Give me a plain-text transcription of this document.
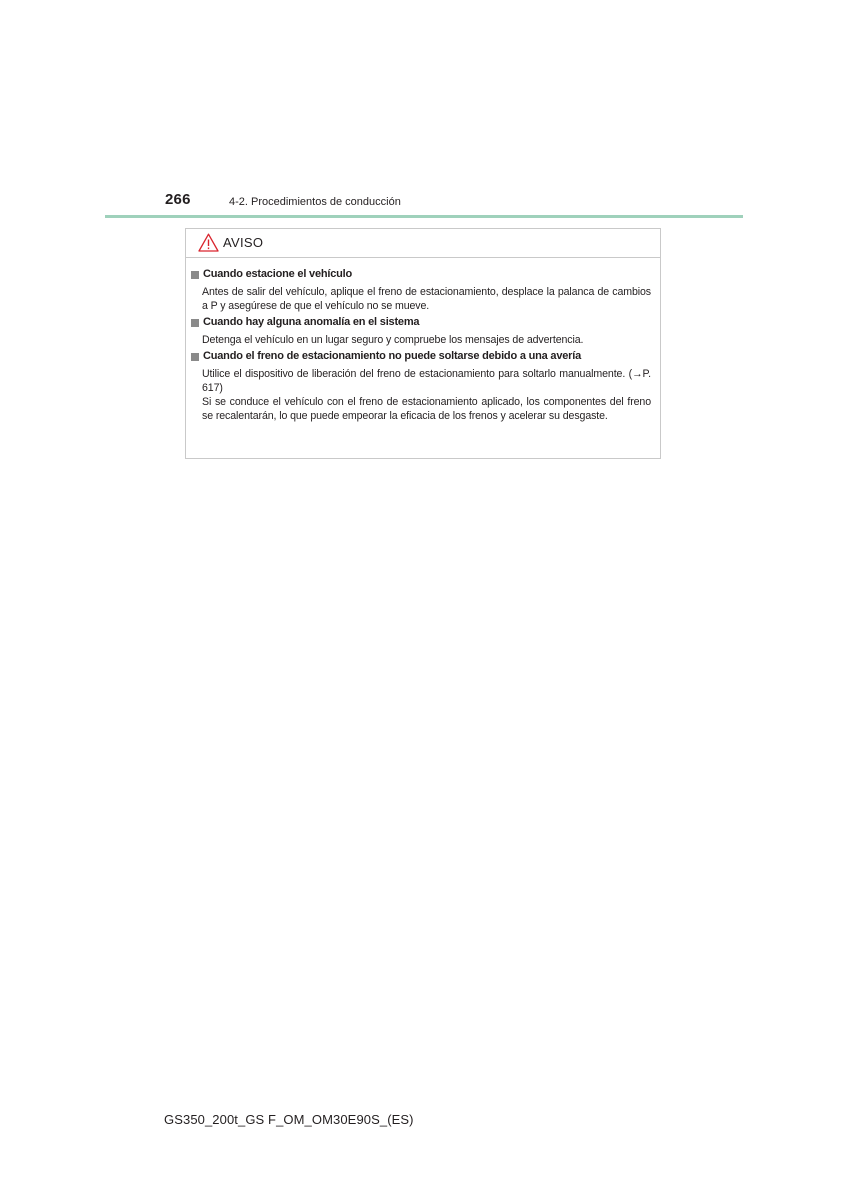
266	4-2. Procedimientos de conducción
AVISO
Cuando estacione el vehículo

Antes de salir del vehículo, aplique el freno de estacionamiento, desplace la palanca de cambios a P y asegúrese de que el vehículo no se mueve.

Cuando hay alguna anomalía en el sistema

Detenga el vehículo en un lugar seguro y compruebe los mensajes de advertencia.

Cuando el freno de estacionamiento no puede soltarse debido a una avería

Utilice el dispositivo de liberación del freno de estacionamiento para soltarlo manualmente. (→P. 617)

Si se conduce el vehículo con el freno de estacionamiento aplicado, los componentes del freno se recalentarán, lo que puede empeorar la eficacia de los frenos y acelerar su desgaste.

GS350_200t_GS F_OM_OM30E90S_(ES)
